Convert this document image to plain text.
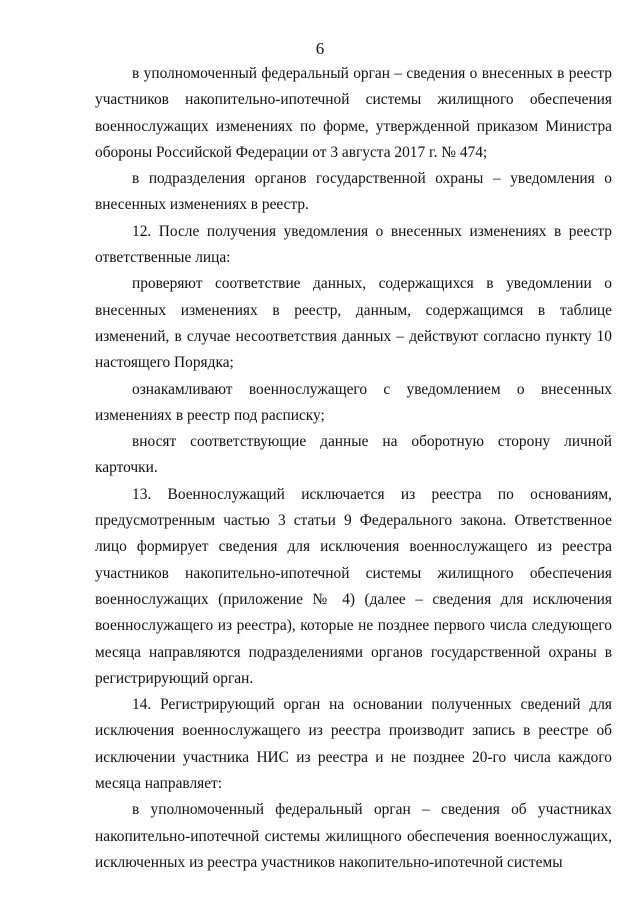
6

в уполномоченный федеральный орган – сведения о внесенных в реестр участников накопительно-ипотечной системы жилищного обеспечения военнослужащих изменениях по форме, утвержденной приказом Министра обороны Российской Федерации от 3 августа 2017 г. № 474;

в подразделения органов государственной охраны – уведомления о внесенных изменениях в реестр.

12. После получения уведомления о внесенных изменениях в реестр ответственные лица:

проверяют соответствие данных, содержащихся в уведомлении о внесенных изменениях в реестр, данным, содержащимся в таблице изменений, в случае несоответствия данных – действуют согласно пункту 10 настоящего Порядка;

ознакамливают военнослужащего с уведомлением о внесенных изменениях в реестр под расписку;

вносят соответствующие данные на оборотную сторону личной карточки.

13. Военнослужащий исключается из реестра по основаниям, предусмотренным частью 3 статьи 9 Федерального закона. Ответственное лицо формирует сведения для исключения военнослужащего из реестра участников накопительно-ипотечной системы жилищного обеспечения военнослужащих (приложение № 4) (далее – сведения для исключения военнослужащего из реестра), которые не позднее первого числа следующего месяца направляются подразделениями органов государственной охраны в регистрирующий орган.

14. Регистрирующий орган на основании полученных сведений для исключения военнослужащего из реестра производит запись в реестре об исключении участника НИС из реестра и не позднее 20-го числа каждого месяца направляет:

в уполномоченный федеральный орган – сведения об участниках накопительно-ипотечной системы жилищного обеспечения военнослужащих, исключенных из реестра участников накопительно-ипотечной системы
